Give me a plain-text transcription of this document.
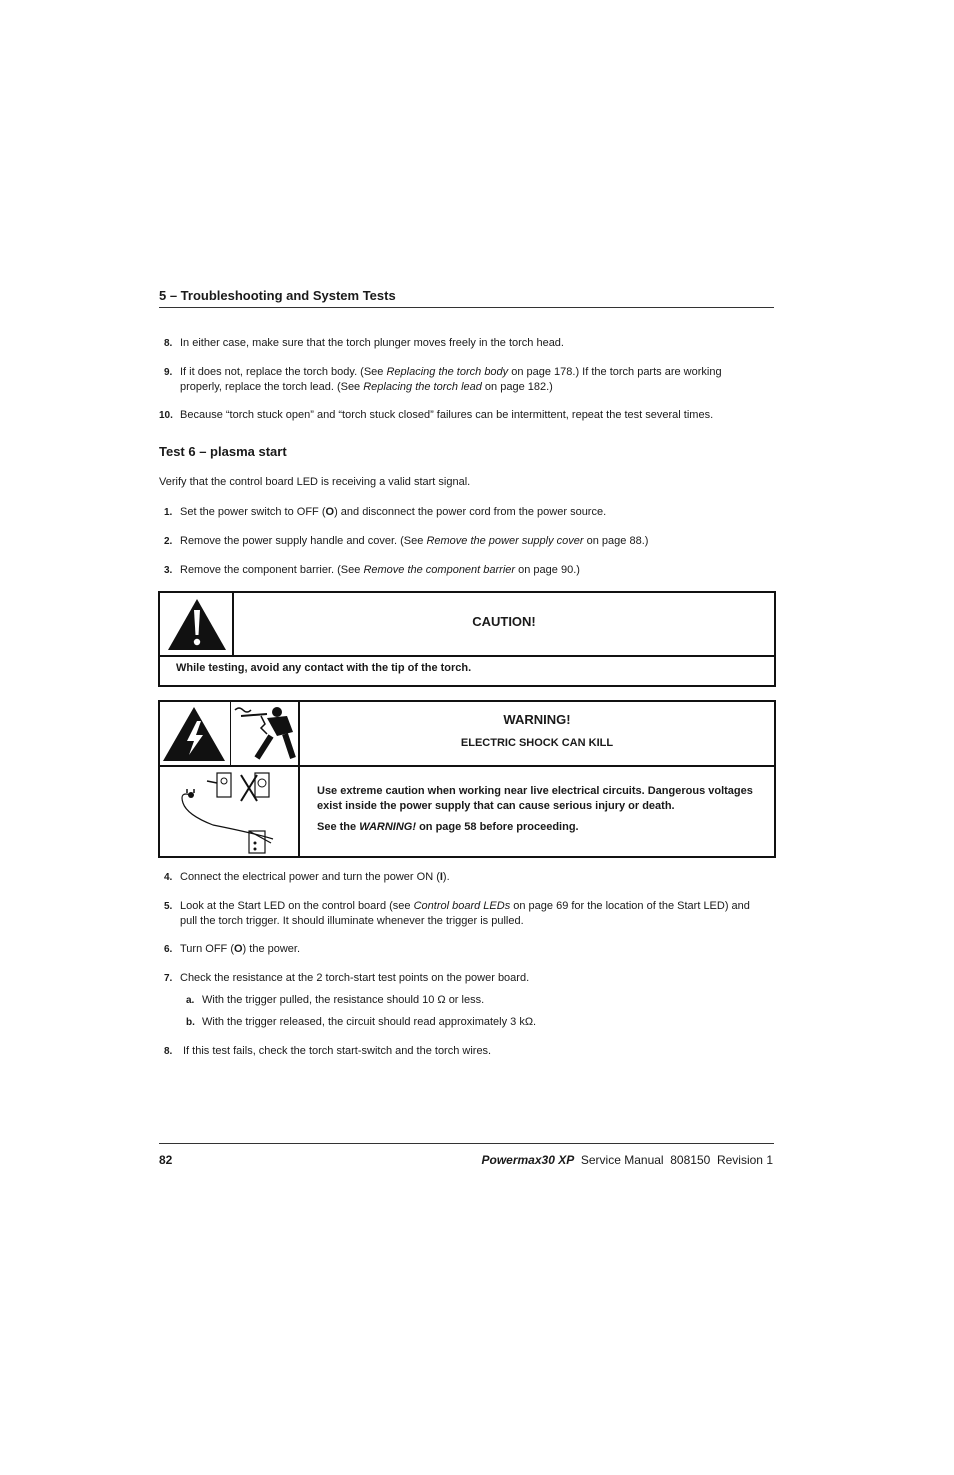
5 – Troubleshooting and System Tests
8. In either case, make sure that the torch plunger moves freely in the torch head.
9. If it does not, replace the torch body. (See Replacing the torch body on page 178.) If the torch parts are working properly, replace the torch lead. (See Replacing the torch lead on page 182.)
10. Because “torch stuck open” and “torch stuck closed” failures can be intermittent, repeat the test several times.
Test 6 – plasma start
Verify that the control board LED is receiving a valid start signal.
1. Set the power switch to OFF (O) and disconnect the power cord from the power source.
2. Remove the power supply handle and cover. (See Remove the power supply cover on page 88.)
3. Remove the component barrier. (See Remove the component barrier on page 90.)
CAUTION!
While testing, avoid any contact with the tip of the torch.
WARNING!
ELECTRIC SHOCK CAN KILL
Use extreme caution when working near live electrical circuits. Dangerous voltages exist inside the power supply that can cause serious injury or death.
See the WARNING! on page 58 before proceeding.
4. Connect the electrical power and turn the power ON (I).
5. Look at the Start LED on the control board (see Control board LEDs on page 69 for the location of the Start LED) and pull the torch trigger. It should illuminate whenever the trigger is pulled.
6. Turn OFF (O) the power.
7. Check the resistance at the 2 torch-start test points on the power board.
a. With the trigger pulled, the resistance should 10 Ω or less.
b. With the trigger released, the circuit should read approximately 3 kΩ.
8. If this test fails, check the torch start-switch and the torch wires.
82	Powermax30 XP Service Manual  808150  Revision 1
